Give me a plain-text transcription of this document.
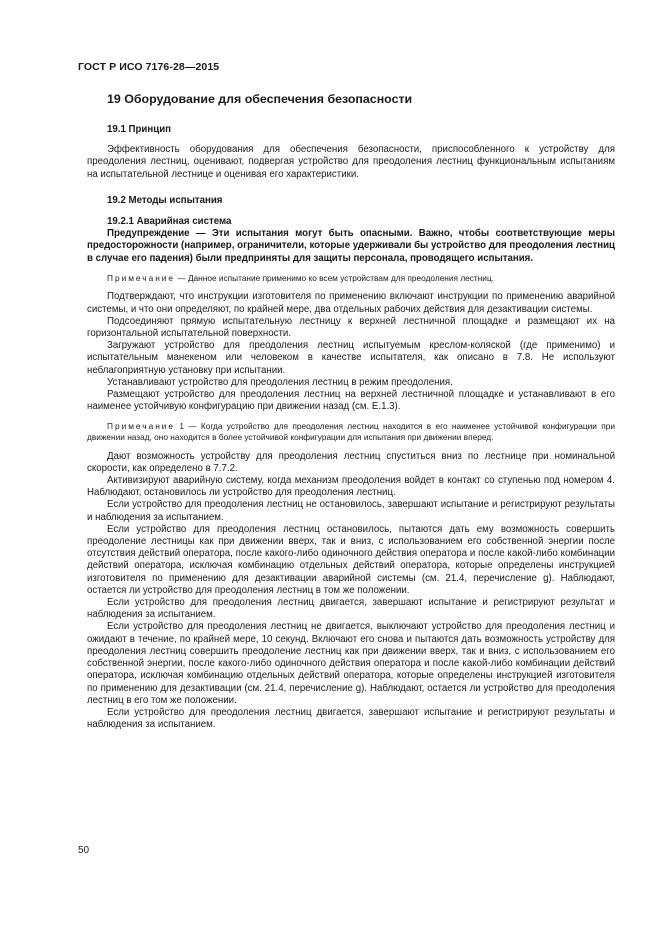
ГОСТ Р ИСО 7176-28—2015
19 Оборудование для обеспечения безопасности
19.1 Принцип

Эффективность оборудования для обеспечения безопасности, приспособленного к устройству для преодоления лестниц, оценивают, подвергая устройство для преодоления лестниц функциональным испытаниям на испытательной лестнице и оценивая его характеристики.

19.2 Методы испытания
19.2.1 Аварийная система

Предупреждение — Эти испытания могут быть опасными. Важно, чтобы соответствующие меры предосторожности (например, ограничители, которые удерживали бы устройство для преодоления лестниц в случае его падения) были предприняты для защиты персонала, проводящего испытания.

Примечание — Данное испытание применимо ко всем устройствам для преодоления лестниц.

Подтверждают, что инструкции изготовителя по применению включают инструкции по применению аварийной системы, и что они определяют, по крайней мере, два отдельных рабочих действия для дезактивации системы.

Подсоединяют прямую испытательную лестницу к верхней лестничной площадке и размещают их на горизонтальной испытательной поверхности.

Загружают устройство для преодоления лестниц испытуемым креслом-коляской (где применимо) и испытательным манекеном или человеком в качестве испытателя, как описано в 7.8. Не используют неблагоприятную установку при испытании.

Устанавливают устройство для преодоления лестниц в режим преодоления.

Размещают устройство для преодоления лестниц на верхней лестничной площадке и устанавливают в его наименее устойчивую конфигурацию при движении назад (см. Е.1.3).

Примечание 1 — Когда устройство для преодоления лестниц находится в его наименее устойчивой конфигурации при движении назад, оно находится в более устойчивой конфигурации для испытания при движении вперед.

Дают возможность устройству для преодоления лестниц спуститься вниз по лестнице при номинальной скорости, как определено в 7.7.2.

Активизируют аварийную систему, когда механизм преодоления войдет в контакт со ступенью под номером 4. Наблюдают, остановилось ли устройство для преодоления лестниц.

Если устройство для преодоления лестниц не остановилось, завершают испытание и регистрируют результаты и наблюдения за испытанием.

Если устройство для преодоления лестниц остановилось, пытаются дать ему возможность совершить преодоление лестницы как при движении вверх, так и вниз, с использованием его собственной энергии после отсутствия действий оператора, после какого-либо одиночного действия оператора и после какой-либо комбинации действий оператора, исключая комбинацию отдельных действий оператора, которые определены инструкцией изготовителя по применению для дезактивации аварийной системы (см. 21.4, перечисление g). Наблюдают, остается ли устройство для преодоления лестниц в том же положении.

Если устройство для преодоления лестниц двигается, завершают испытание и регистрируют результат и наблюдения за испытанием.

Если устройство для преодоления лестниц не двигается, выключают устройство для преодоления лестниц и ожидают в течение, по крайней мере, 10 секунд. Включают его снова и пытаются дать возможность устройству для преодоления лестниц совершить преодоление лестниц как при движении вверх, так и вниз, с использованием его собственной энергии, после какого-либо одиночного действия оператора и после какой-либо комбинации действий оператора, исключая комбинацию отдельных действий оператора, которые определены инструкцией изготовителя по применению для дезактивации (см. 21.4, перечисление g). Наблюдают, остается ли устройство для преодоления лестниц в его том же положении.

Если устройство для преодоления лестниц двигается, завершают испытание и регистрируют результаты и наблюдения за испытанием.

50
